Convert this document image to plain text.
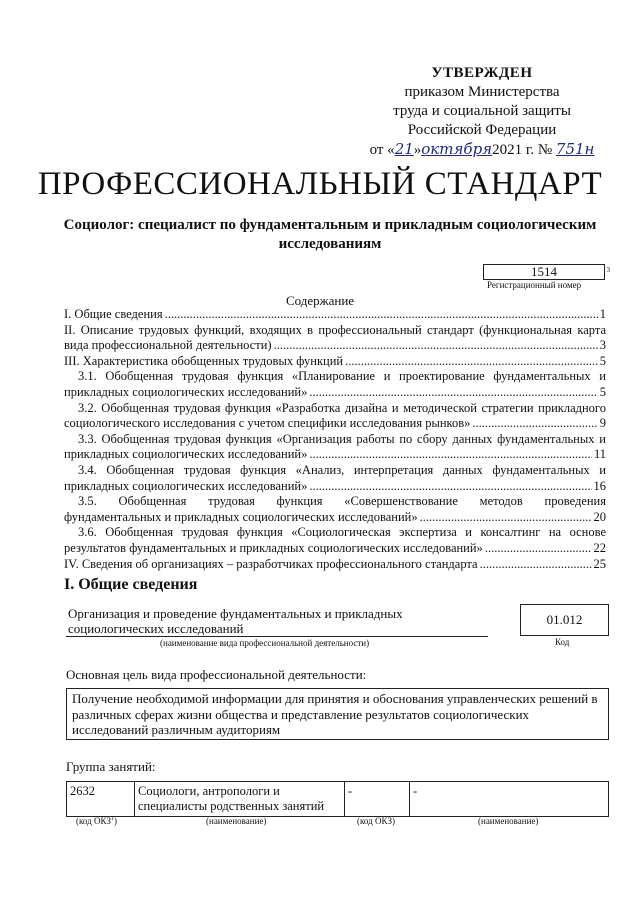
УТВЕРЖДЕН
приказом Министерства
труда и социальной защиты
Российской Федерации
от «21»октября2021 г. № 751н
ПРОФЕССИОНАЛЬНЫЙ СТАНДАРТ
Социолог: специалист по фундаментальным и прикладным социологическим исследованиям
1514	3
Регистрационный номер
Содержание
I. Общие сведения .....	1
II. Описание трудовых функций, входящих в профессиональный стандарт (функциональная карта
вида профессиональной деятельности) .....	3
III. Характеристика обобщенных трудовых функций .....	5
3.1. Обобщенная трудовая функция «Планирование и проектирование фундаментальных и
прикладных социологических исследований» .....	5
3.2. Обобщенная трудовая функция «Разработка дизайна и методической стратегии прикладного
социологического исследования с учетом специфики исследования рынков» .....	9
3.3. Обобщенная трудовая функция «Организация работы по сбору данных фундаментальных и
прикладных социологических исследований» .....	11
3.4. Обобщенная трудовая функция «Анализ, интерпретация данных фундаментальных и
прикладных социологических исследований» .....	16
3.5. Обобщенная трудовая функция «Совершенствование методов проведения
фундаментальных и прикладных социологических исследований» .....	20
3.6. Обобщенная трудовая функция «Социологическая экспертиза и консалтинг на основе
результатов фундаментальных и прикладных социологических исследований» .....	22
IV. Сведения об организациях – разработчиках профессионального стандарта .....	25
I. Общие сведения
Организация и проведение фундаментальных и прикладных социологических исследований
(наименование вида профессиональной деятельности)
01.012
Код
Основная цель вида профессиональной деятельности:
Получение необходимой информации для принятия и обоснования управленческих решений в различных сферах жизни общества и представление результатов социологических исследований различным аудиториям
Группа занятий:
2632	Социологи, антропологи и специалисты родственных занятий	-	-
(код ОКЗ$^1$)	(наименование)	(код ОКЗ)	(наименование)
